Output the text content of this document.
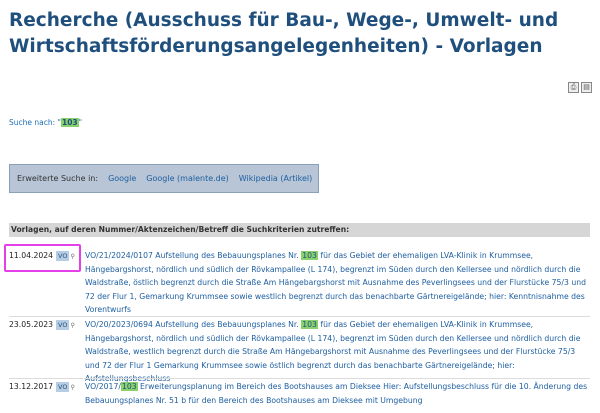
Recherche (Ausschuss für Bau-, Wege-, Umwelt- und Wirtschaftsförderungsangelegenheiten) - Vorlagen
⎙ ▤
Suche nach: "103"
Erweiterte Suche in: Google Google (malente.de) Wikipedia (Artikel)
Vorlagen, auf deren Nummer/Aktenzeichen/Betreff die Suchkriterien zutreffen:
11.04.2024 VO ⚲	VO/21/2024/0107 Aufstellung des Bebauungsplanes Nr. 103 für das Gebiet der ehemaligen LVA-Klinik in Krummsee, Hängebargshorst, nördlich und südlich der Rövkampallee (L 174), begrenzt im Süden durch den Kellersee und nördlich durch die Waldstraße, östlich begrenzt durch die Straße Am Hängebargshorst mit Ausnahme des Peverlingsees und der Flurstücke 75/3 und 72 der Flur 1, Gemarkung Krummsee sowie westlich begrenzt durch das benachbarte Gärtnereigelände; hier: Kenntnisnahme des Vorentwurfs
23.05.2023 VO ⚲	VO/20/2023/0694 Aufstellung des Bebauungsplanes Nr. 103 für das Gebiet der ehemaligen LVA-Klinik in Krummsee, Hängebargshorst, nördlich und südlich der Rövkampallee (L 174), begrenzt im Süden durch den Kellersee und nördlich durch die Waldstraße, westlich begrenzt durch die Straße Am Hängebargshorst mit Ausnahme des Peverlingsees und der Flurstücke 75/3 und 72 der Flur 1 Gemarkung Krummsee sowie östlich begrenzt durch das benachbarte Gärtnereigelände; hier:
13.12.2017 VO ⚲	VO/2017/103 Erweiterungsplanung im Bereich des Bootshauses am Dieksee Hier: Aufstellungsbeschluss für die 10. Änderung des Bebauungsplanes Nr. 51 b für den Bereich des Bootshauses am Dieksee mit Umgebung
